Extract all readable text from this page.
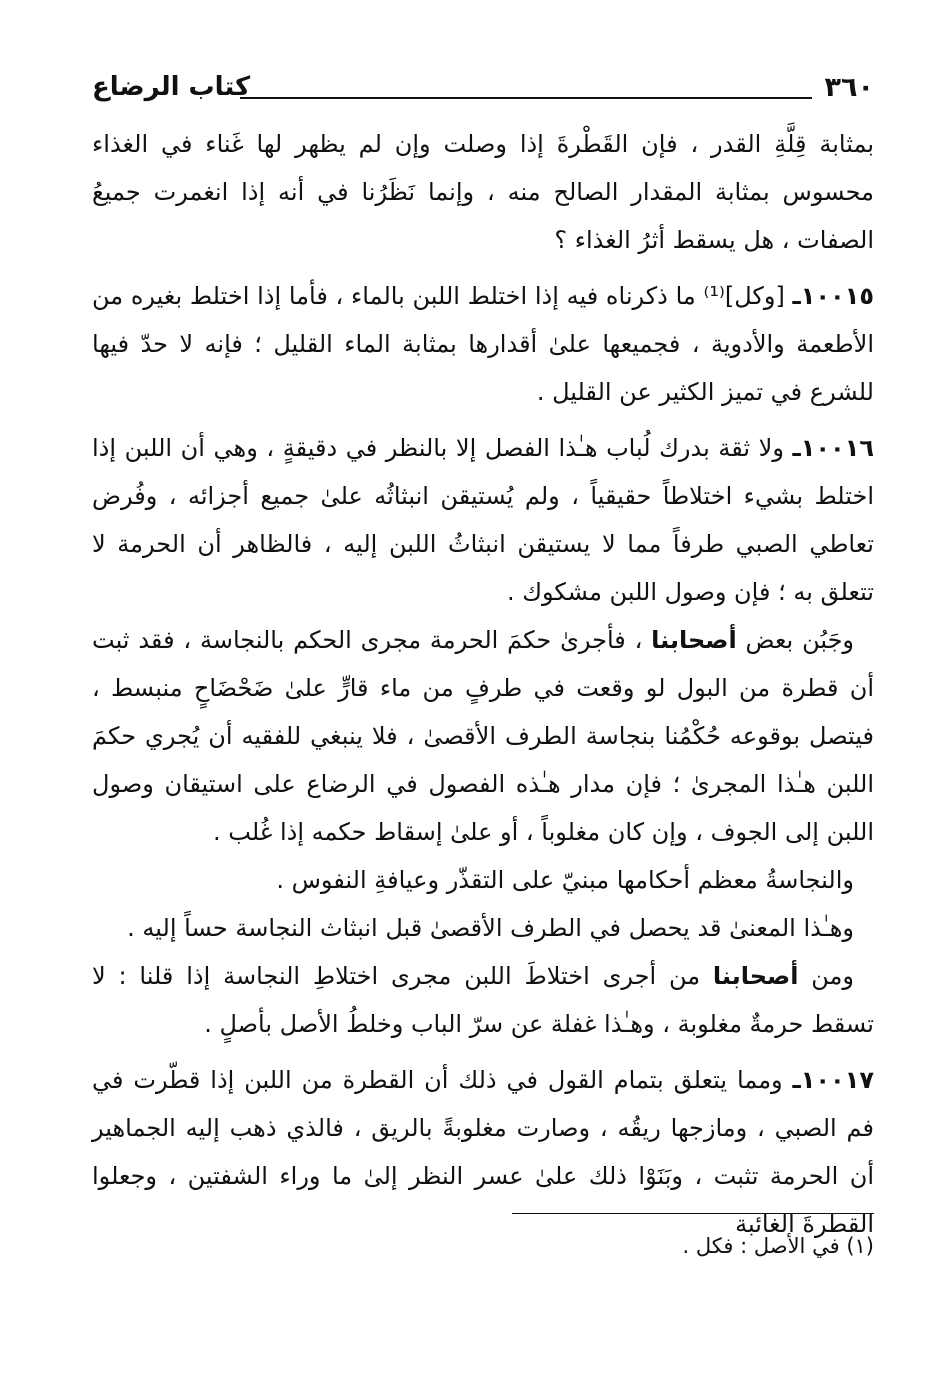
٣٦٠
كتاب الرضاع

بمثابة قِلَّةِ القدر ، فإن القَطْرةَ إذا وصلت وإن لم يظهر لها غَناء في الغذاء محسوس بمثابة المقدار الصالح منه ، وإنما نَظَرُنا في أنه إذا انغمرت جميعُ الصفات ، هل يسقط أثرُ الغذاء ؟

١٠٠١٥ـ [وكل]⁽¹⁾ ما ذكرناه فيه إذا اختلط اللبن بالماء ، فأما إذا اختلط بغيره من الأطعمة والأدوية ، فجميعها علىٰ أقدارها بمثابة الماء القليل ؛ فإنه لا حدّ فيها للشرع في تميز الكثير عن القليل .

١٠٠١٦ـ ولا ثقة بدرك لُباب هـٰذا الفصل إلا بالنظر في دقيقةٍ ، وهي أن اللبن إذا اختلط بشيء اختلاطاً حقيقياً ، ولم يُستيقن انبثاثُه علىٰ جميع أجزائه ، وفُرض تعاطي الصبي طرفاً مما لا يستيقن انبثاثُ اللبن إليه ، فالظاهر أن الحرمة لا تتعلق به ؛ فإن وصول اللبن مشكوك .

وجَبُن بعض أصحابنا ، فأجرىٰ حكمَ الحرمة مجرى الحكم بالنجاسة ، فقد ثبت أن قطرة من البول لو وقعت في طرفٍ من ماء قارٍّ علىٰ ضَحْضَاحٍ منبسط ، فيتصل بوقوعه حُكْمُنا بنجاسة الطرف الأقصىٰ ، فلا ينبغي للفقيه أن يُجري حكمَ اللبن هـٰذا المجرىٰ ؛ فإن مدار هـٰذه الفصول في الرضاع على استيقان وصول اللبن إلى الجوف ، وإن كان مغلوباً ، أو علىٰ إسقاط حكمه إذا غُلب .

والنجاسةُ معظم أحكامها مبنيّ على التقذّر وعيافةِ النفوس .

وهـٰذا المعنىٰ قد يحصل في الطرف الأقصىٰ قبل انبثاث النجاسة حساً إليه .

ومن أصحابنا من أجرى اختلاطَ اللبن مجرى اختلاطِ النجاسة إذا قلنا : لا تسقط حرمةٌ مغلوبة ، وهـٰذا غفلة عن سرّ الباب وخلطُ الأصل بأصلٍ .

١٠٠١٧ـ ومما يتعلق بتمام القول في ذلك أن القطرة من اللبن إذا قطّرت في فم الصبي ، ومازجها ريقُه ، وصارت مغلوبةً بالريق ، فالذي ذهب إليه الجماهير أن الحرمة تثبت ، وبَنَوْا ذلك علىٰ عسر النظر إلىٰ ما وراء الشفتين ، وجعلوا القطرةَ الغائبة

(١) في الأصل : فكل .
